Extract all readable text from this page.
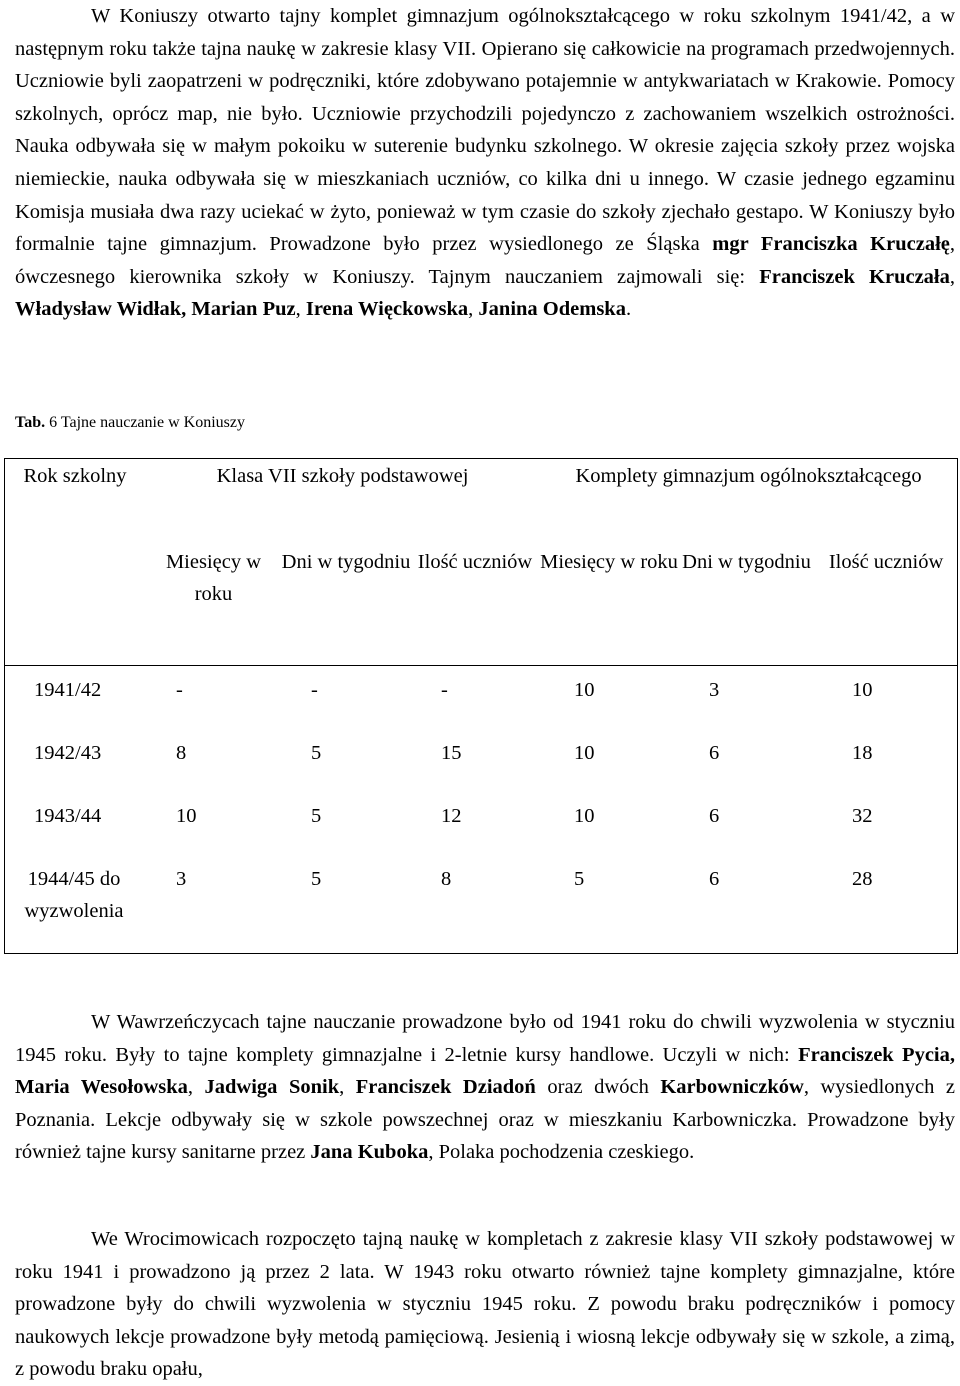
W Koniuszy otwarto tajny komplet gimnazjum ogólnokształcącego w roku szkolnym 1941/42, a w następnym roku także tajna naukę w zakresie klasy VII. Opierano się całkowicie na programach przedwojennych. Uczniowie byli zaopatrzeni w podręczniki, które zdobywano potajemnie w antykwariatach w Krakowie. Pomocy szkolnych, oprócz map, nie było. Uczniowie przychodzili pojedynczo z zachowaniem wszelkich ostrożności. Nauka odbywała się w małym pokoiku w suterenie budynku szkolnego. W okresie zajęcia szkoły przez wojska niemieckie, nauka odbywała się w mieszkaniach uczniów, co kilka dni u innego. W czasie jednego egzaminu Komisja musiała dwa razy uciekać w żyto, ponieważ w tym czasie do szkoły zjechało gestapo. W Koniuszy było formalnie tajne gimnazjum. Prowadzone było przez wysiedlonego ze Śląska mgr Franciszka Kruczałę, ówczesnego kierownika szkoły w Koniuszy. Tajnym nauczaniem zajmowali się: Franciszek Kruczała, Władysław Widłak, Marian Puz, Irena Więckowska, Janina Odemska.

Tab. 6 Tajne nauczanie w Koniuszy

Rok szkolny	Klasa VII szkoły podstawowej			Komplety gimnazjum ogólnokształcącego		
	Miesięcy w roku	Dni w tygodniu	Ilość uczniów	Miesięcy w roku	Dni w tygodniu	Ilość uczniów
1941/42	-	-	-	10	3	10
1942/43	8	5	15	10	6	18
1943/44	10	5	12	10	6	32
1944/45 do wyzwolenia	3	5	8	5	6	28

W Wawrzeńczycach tajne nauczanie prowadzone było od 1941 roku do chwili wyzwolenia w styczniu 1945 roku. Były to tajne komplety gimnazjalne i 2-letnie kursy handlowe. Uczyli w nich: Franciszek Pycia, Maria Wesołowska, Jadwiga Sonik, Franciszek Dziadoń oraz dwóch Karbowniczków, wysiedlonych z Poznania. Lekcje odbywały się w szkole powszechnej oraz w mieszkaniu Karbowniczka. Prowadzone były również tajne kursy sanitarne przez Jana Kuboka, Polaka pochodzenia czeskiego.

We Wrocimowicach rozpoczęto tajną naukę w kompletach z zakresie klasy VII szkoły podstawowej w roku 1941 i prowadzono ją przez 2 lata. W 1943 roku otwarto również tajne komplety gimnazjalne, które prowadzone były do chwili wyzwolenia w styczniu 1945 roku. Z powodu braku podręczników i pomocy naukowych lekcje prowadzone były metodą pamięciową. Jesienią i wiosną lekcje odbywały się w szkole, a zimą, z powodu braku opału,
